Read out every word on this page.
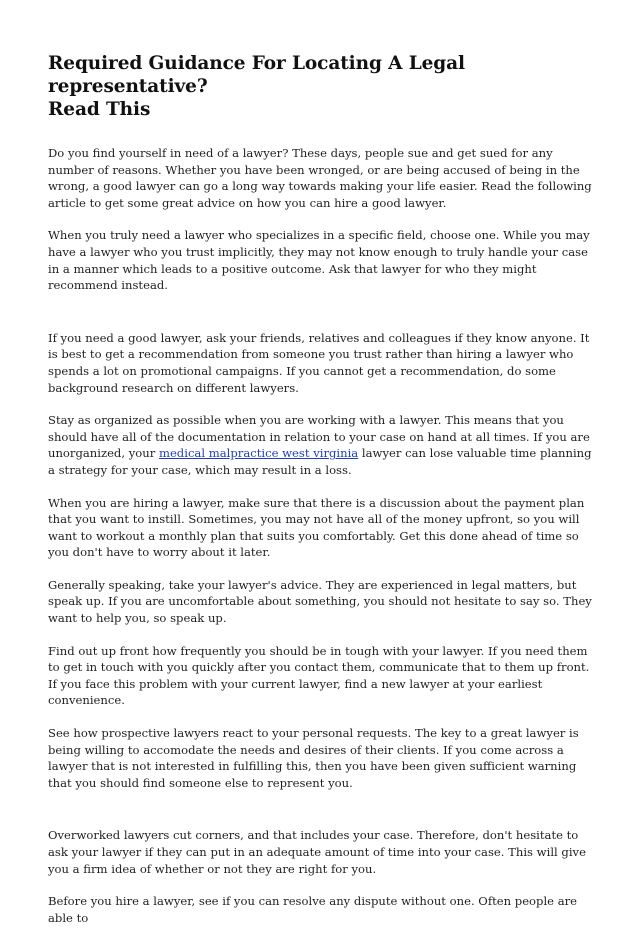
Required Guidance For Locating A Legal representative?
Read This

Do you find yourself in need of a lawyer? These days, people sue and get sued for any number of reasons. Whether you have been wronged, or are being accused of being in the wrong, a good lawyer can go a long way towards making your life easier. Read the following article to get some great advice on how you can hire a good lawyer.

When you truly need a lawyer who specializes in a specific field, choose one. While you may have a lawyer who you trust implicitly, they may not know enough to truly handle your case in a manner which leads to a positive outcome. Ask that lawyer for who they might recommend instead.

If you need a good lawyer, ask your friends, relatives and colleagues if they know anyone. It is best to get a recommendation from someone you trust rather than hiring a lawyer who spends a lot on promotional campaigns. If you cannot get a recommendation, do some background research on different lawyers.

Stay as organized as possible when you are working with a lawyer. This means that you should have all of the documentation in relation to your case on hand at all times. If you are unorganized, your medical malpractice west virginia lawyer can lose valuable time planning a strategy for your case, which may result in a loss.

When you are hiring a lawyer, make sure that there is a discussion about the payment plan that you want to instill. Sometimes, you may not have all of the money upfront, so you will want to workout a monthly plan that suits you comfortably. Get this done ahead of time so you don't have to worry about it later.

Generally speaking, take your lawyer's advice. They are experienced in legal matters, but speak up. If you are uncomfortable about something, you should not hesitate to say so. They want to help you, so speak up.

Find out up front how frequently you should be in tough with your lawyer. If you need them to get in touch with you quickly after you contact them, communicate that to them up front. If you face this problem with your current lawyer, find a new lawyer at your earliest convenience.

See how prospective lawyers react to your personal requests. The key to a great lawyer is being willing to accomodate the needs and desires of their clients. If you come across a lawyer that is not interested in fulfilling this, then you have been given sufficient warning that you should find someone else to represent you.

Overworked lawyers cut corners, and that includes your case. Therefore, don't hesitate to ask your lawyer if they can put in an adequate amount of time into your case. This will give you a firm idea of whether or not they are right for you.

Before you hire a lawyer, see if you can resolve any dispute without one. Often people are able to
